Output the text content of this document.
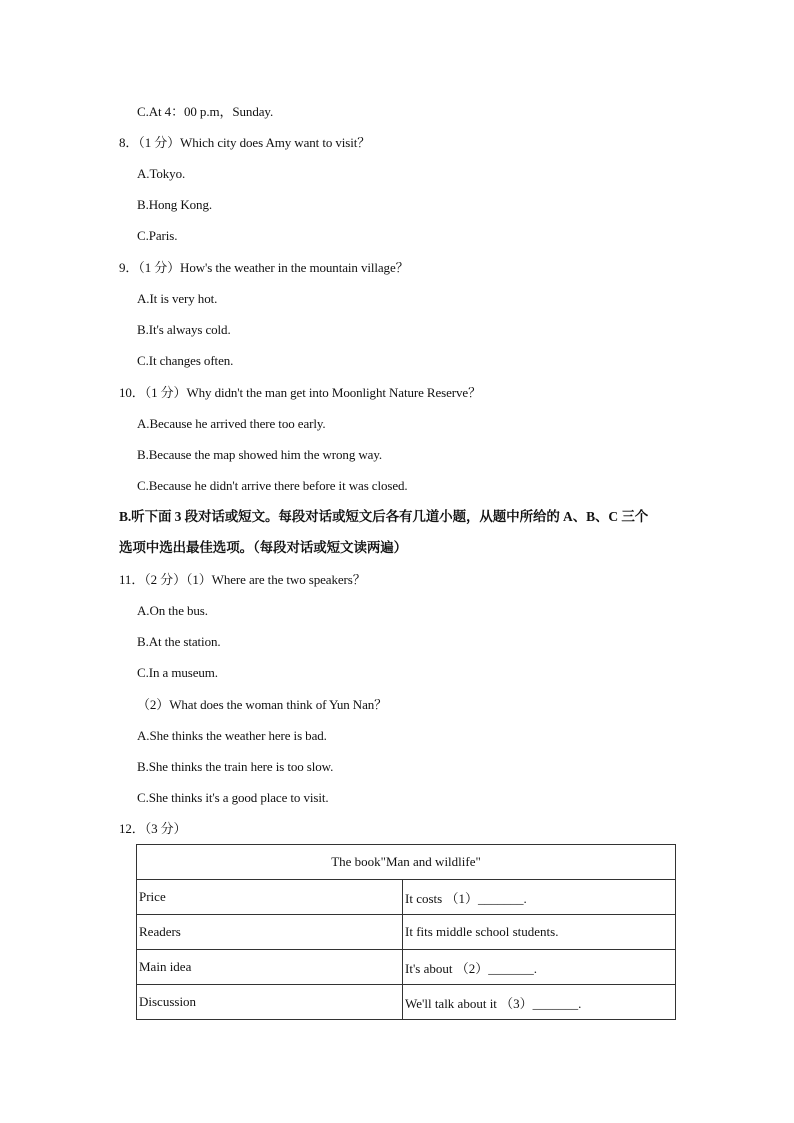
C.At 4：00 p.m，Sunday.
8．（1 分）Which city does Amy want to visit？
A.Tokyo.
B.Hong Kong.
C.Paris.
9．（1 分）How's the weather in the mountain village？
A.It is very hot.
B.It's always cold.
C.It changes often.
10．（1 分）Why didn't the man get into Moonlight Nature Reserve？
A.Because he arrived there too early.
B.Because the map showed him the wrong way.
C.Because he didn't arrive there before it was closed.
B.听下面 3 段对话或短文。每段对话或短文后各有几道小题，从题中所给的 A、B、C 三个
选项中选出最佳选项。（每段对话或短文读两遍）
11．（2 分）（1）Where are the two speakers？
A.On the bus.
B.At the station.
C.In a museum.
（2）What does the woman think of Yun Nan？
A.She thinks the weather here is bad.
B.She thinks the train here is too slow.
C.She thinks it's a good place to visit.
12．（3 分）
The book"Man and wildlife"	
Price	It costs （1）_______.
Readers	It fits middle school students.
Main idea	It's about （2）_______.
Discussion	We'll talk about it （3）_______.
